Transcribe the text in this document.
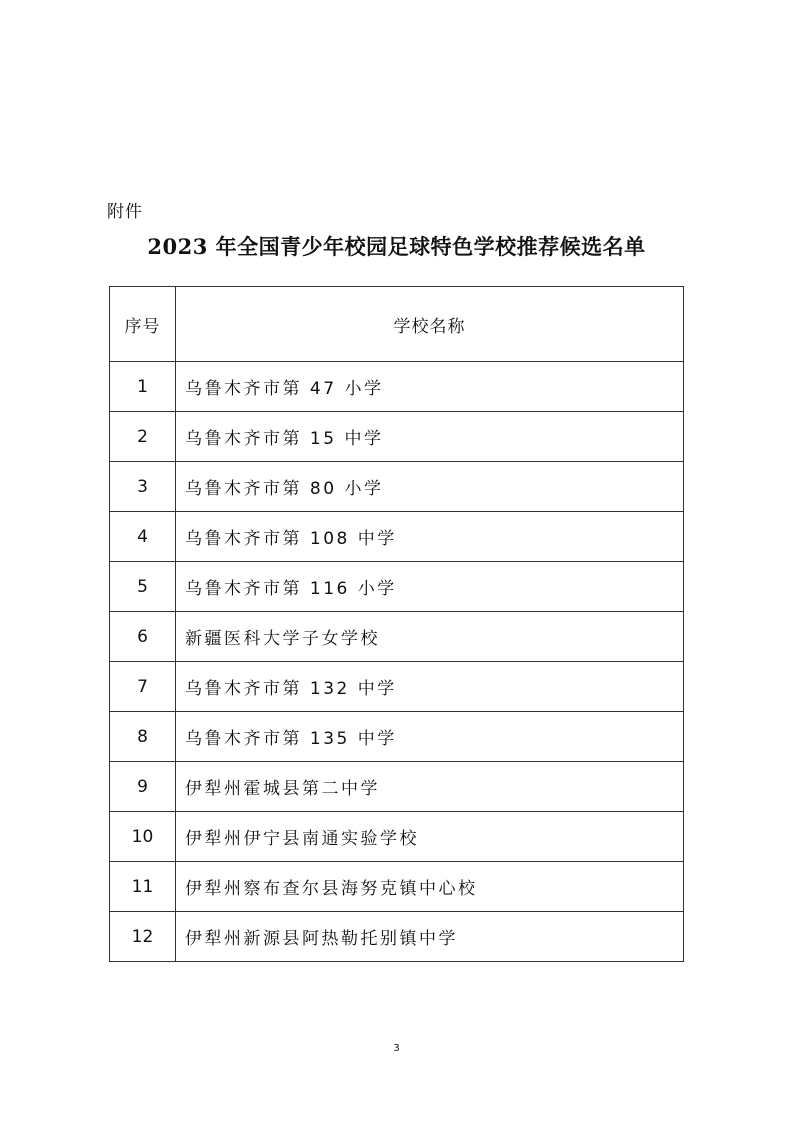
附件
2023 年全国青少年校园足球特色学校推荐候选名单
序号	学校名称
1	乌鲁木齐市第 47 小学
2	乌鲁木齐市第 15 中学
3	乌鲁木齐市第 80 小学
4	乌鲁木齐市第 108 中学
5	乌鲁木齐市第 116 小学
6	新疆医科大学子女学校
7	乌鲁木齐市第 132 中学
8	乌鲁木齐市第 135 中学
9	伊犁州霍城县第二中学
10	伊犁州伊宁县南通实验学校
11	伊犁州察布查尔县海努克镇中心校
12	伊犁州新源县阿热勒托别镇中学
3
